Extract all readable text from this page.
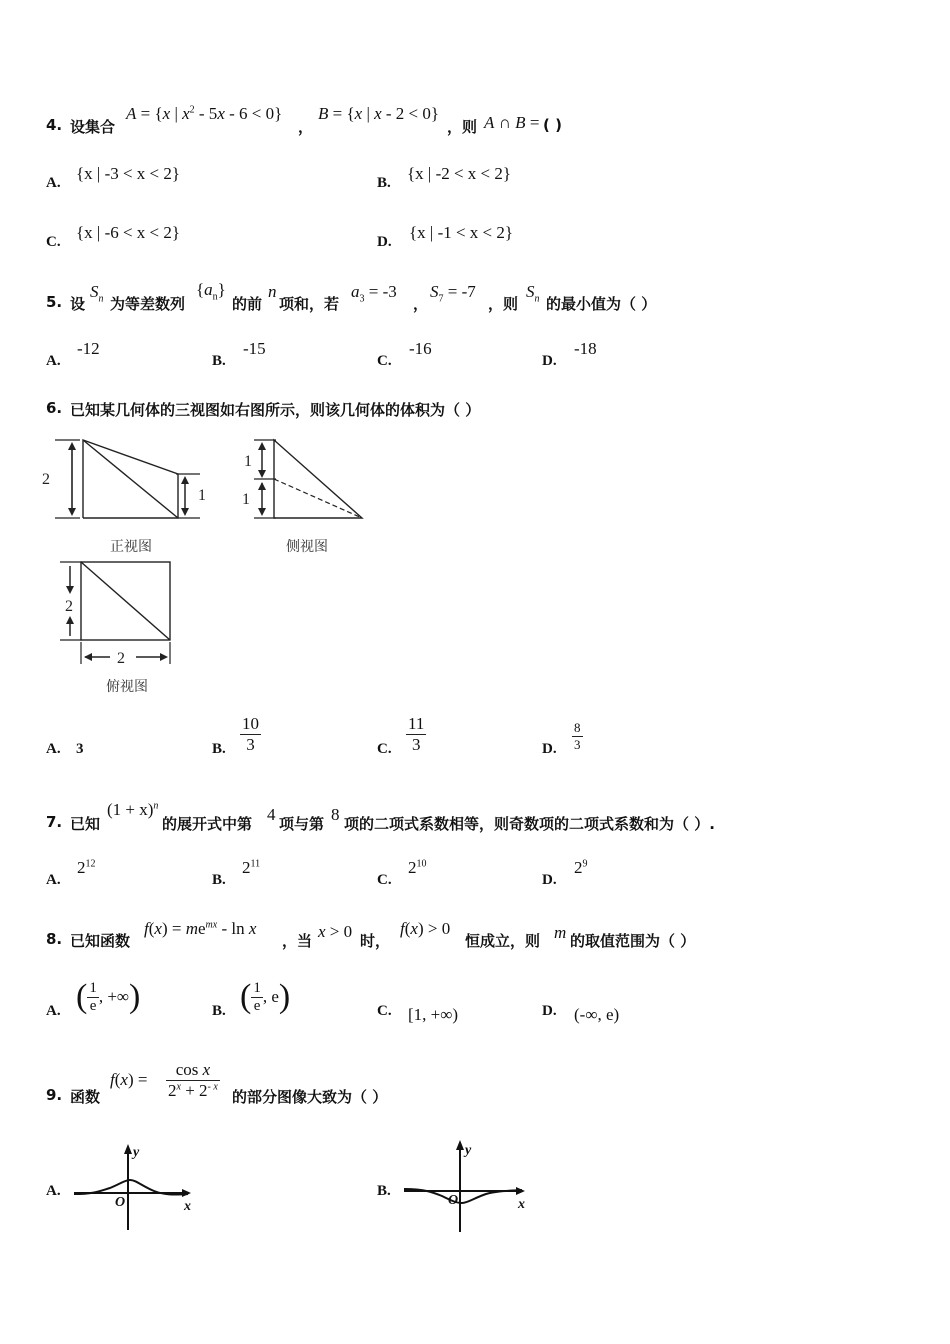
4. 设集合
A = {x | $x^2 - 5x - 6 < 0$}
，
B = {x | x - 2 < 0}
，则 A ∩ B = ( )
A. {x | -3 < x < 2}	B. {x | -2 < x < 2}
C. {x | -6 < x < 2}	D. {x | -1 < x < 2}
5. 设
$S_n$ 为等差数列
$\{a_n\}$
的前
n
项和，若
$a_3 = -3$
，
$S_7 = -7$
，则
$S_n$ 的最小值为（ ）
A.
-12
B.
-15
C.
-16
D.
-18
6. 已知某几何体的三视图如右图所示，则该几何体的体积为（ ）
2
1
正视图
1
1
侧视图
2
2
俯视图
A. 3	B. $\frac{10}{3}$	C. $\frac{11}{3}$	D. $\frac{8}{3}$
7. 已知
$(1 + x)^n$
的展开式中第 4 项与第 8 项的二项式系数相等，则奇数项的二项式系数和为（ ）.
A.
$2^{12}$
B.
$2^{11}$
C.
$2^{10}$
D.
$2^9$
8. 已知函数
$f(x) = me^{mx} - \ln x$
，当 x > 0 时，
f(x) > 0
恒成立，则 m 的取值范围为（ ）
A. ( $\frac{1}{e}$ , +∞)	B. ( $\frac{1}{e}$ , e)	C. [1, +∞)	D. (-∞, e)
9. 函数
$f(x) = \frac{\text{cos x}}{2^x + 2^{- x}}$ 的部分图像大致为（ ）
A.
y
x
O
B.
y
x
O
